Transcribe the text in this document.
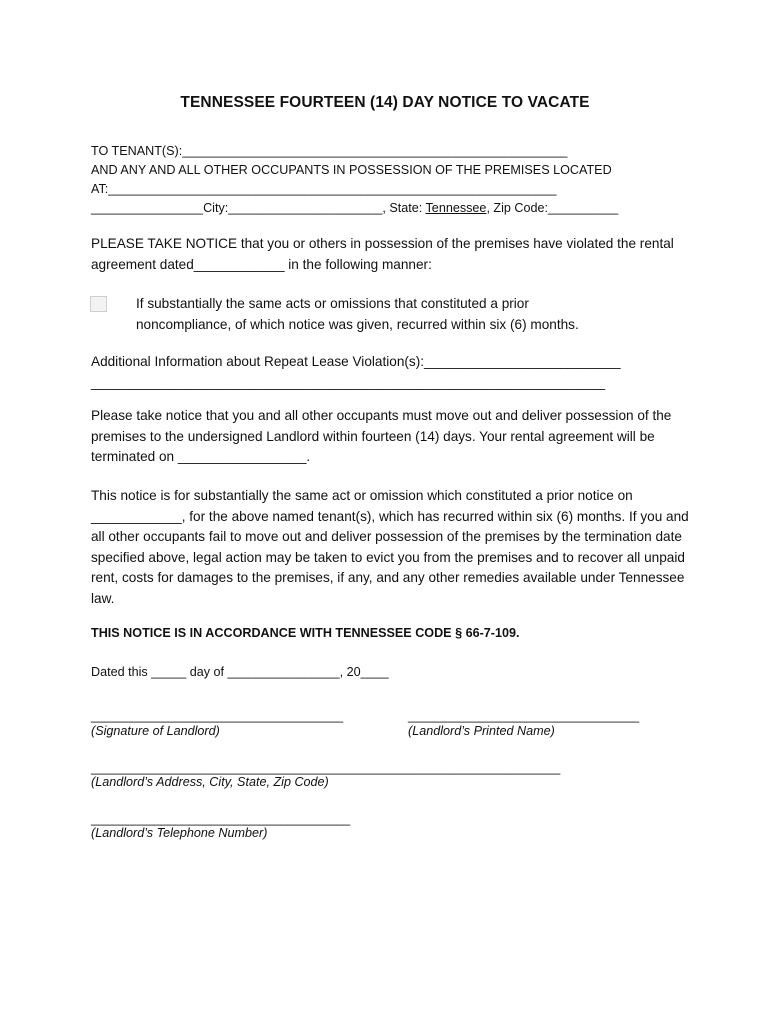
TENNESSEE FOURTEEN (14) DAY NOTICE TO VACATE
TO TENANT(S):_______________________________________________________
AND ANY AND ALL OTHER OCCUPANTS IN POSSESSION OF THE PREMISES LOCATED
AT:________________________________________________________________
________________City:______________________, State: Tennessee, Zip Code:__________
PLEASE TAKE NOTICE that you or others in possession of the premises have violated the rental agreement dated____________ in the following manner:
If substantially the same acts or omissions that constituted a prior
noncompliance, of which notice was given, recurred within six (6) months.
Additional Information about Repeat Lease Violation(s):__________________________
____________________________________________________________________
Please take notice that you and all other occupants must move out and deliver possession of the premises to the undersigned Landlord within fourteen (14) days. Your rental agreement will be terminated on _________________.
This notice is for substantially the same act or omission which constituted a prior notice on ____________, for the above named tenant(s), which has recurred within six (6) months. If you and all other occupants fail to move out and deliver possession of the premises by the termination date specified above, legal action may be taken to evict you from the premises and to recover all unpaid rent, costs for damages to the premises, if any, and any other remedies available under Tennessee law.
THIS NOTICE IS IN ACCORDANCE WITH TENNESSEE CODE § 66-7-109.
Dated this _____ day of ________________, 20____
____________________________________
(Signature of Landlord)
_________________________________
(Landlord’s Printed Name)
___________________________________________________________________
(Landlord’s Address, City, State, Zip Code)
_____________________________________
(Landlord’s Telephone Number)
